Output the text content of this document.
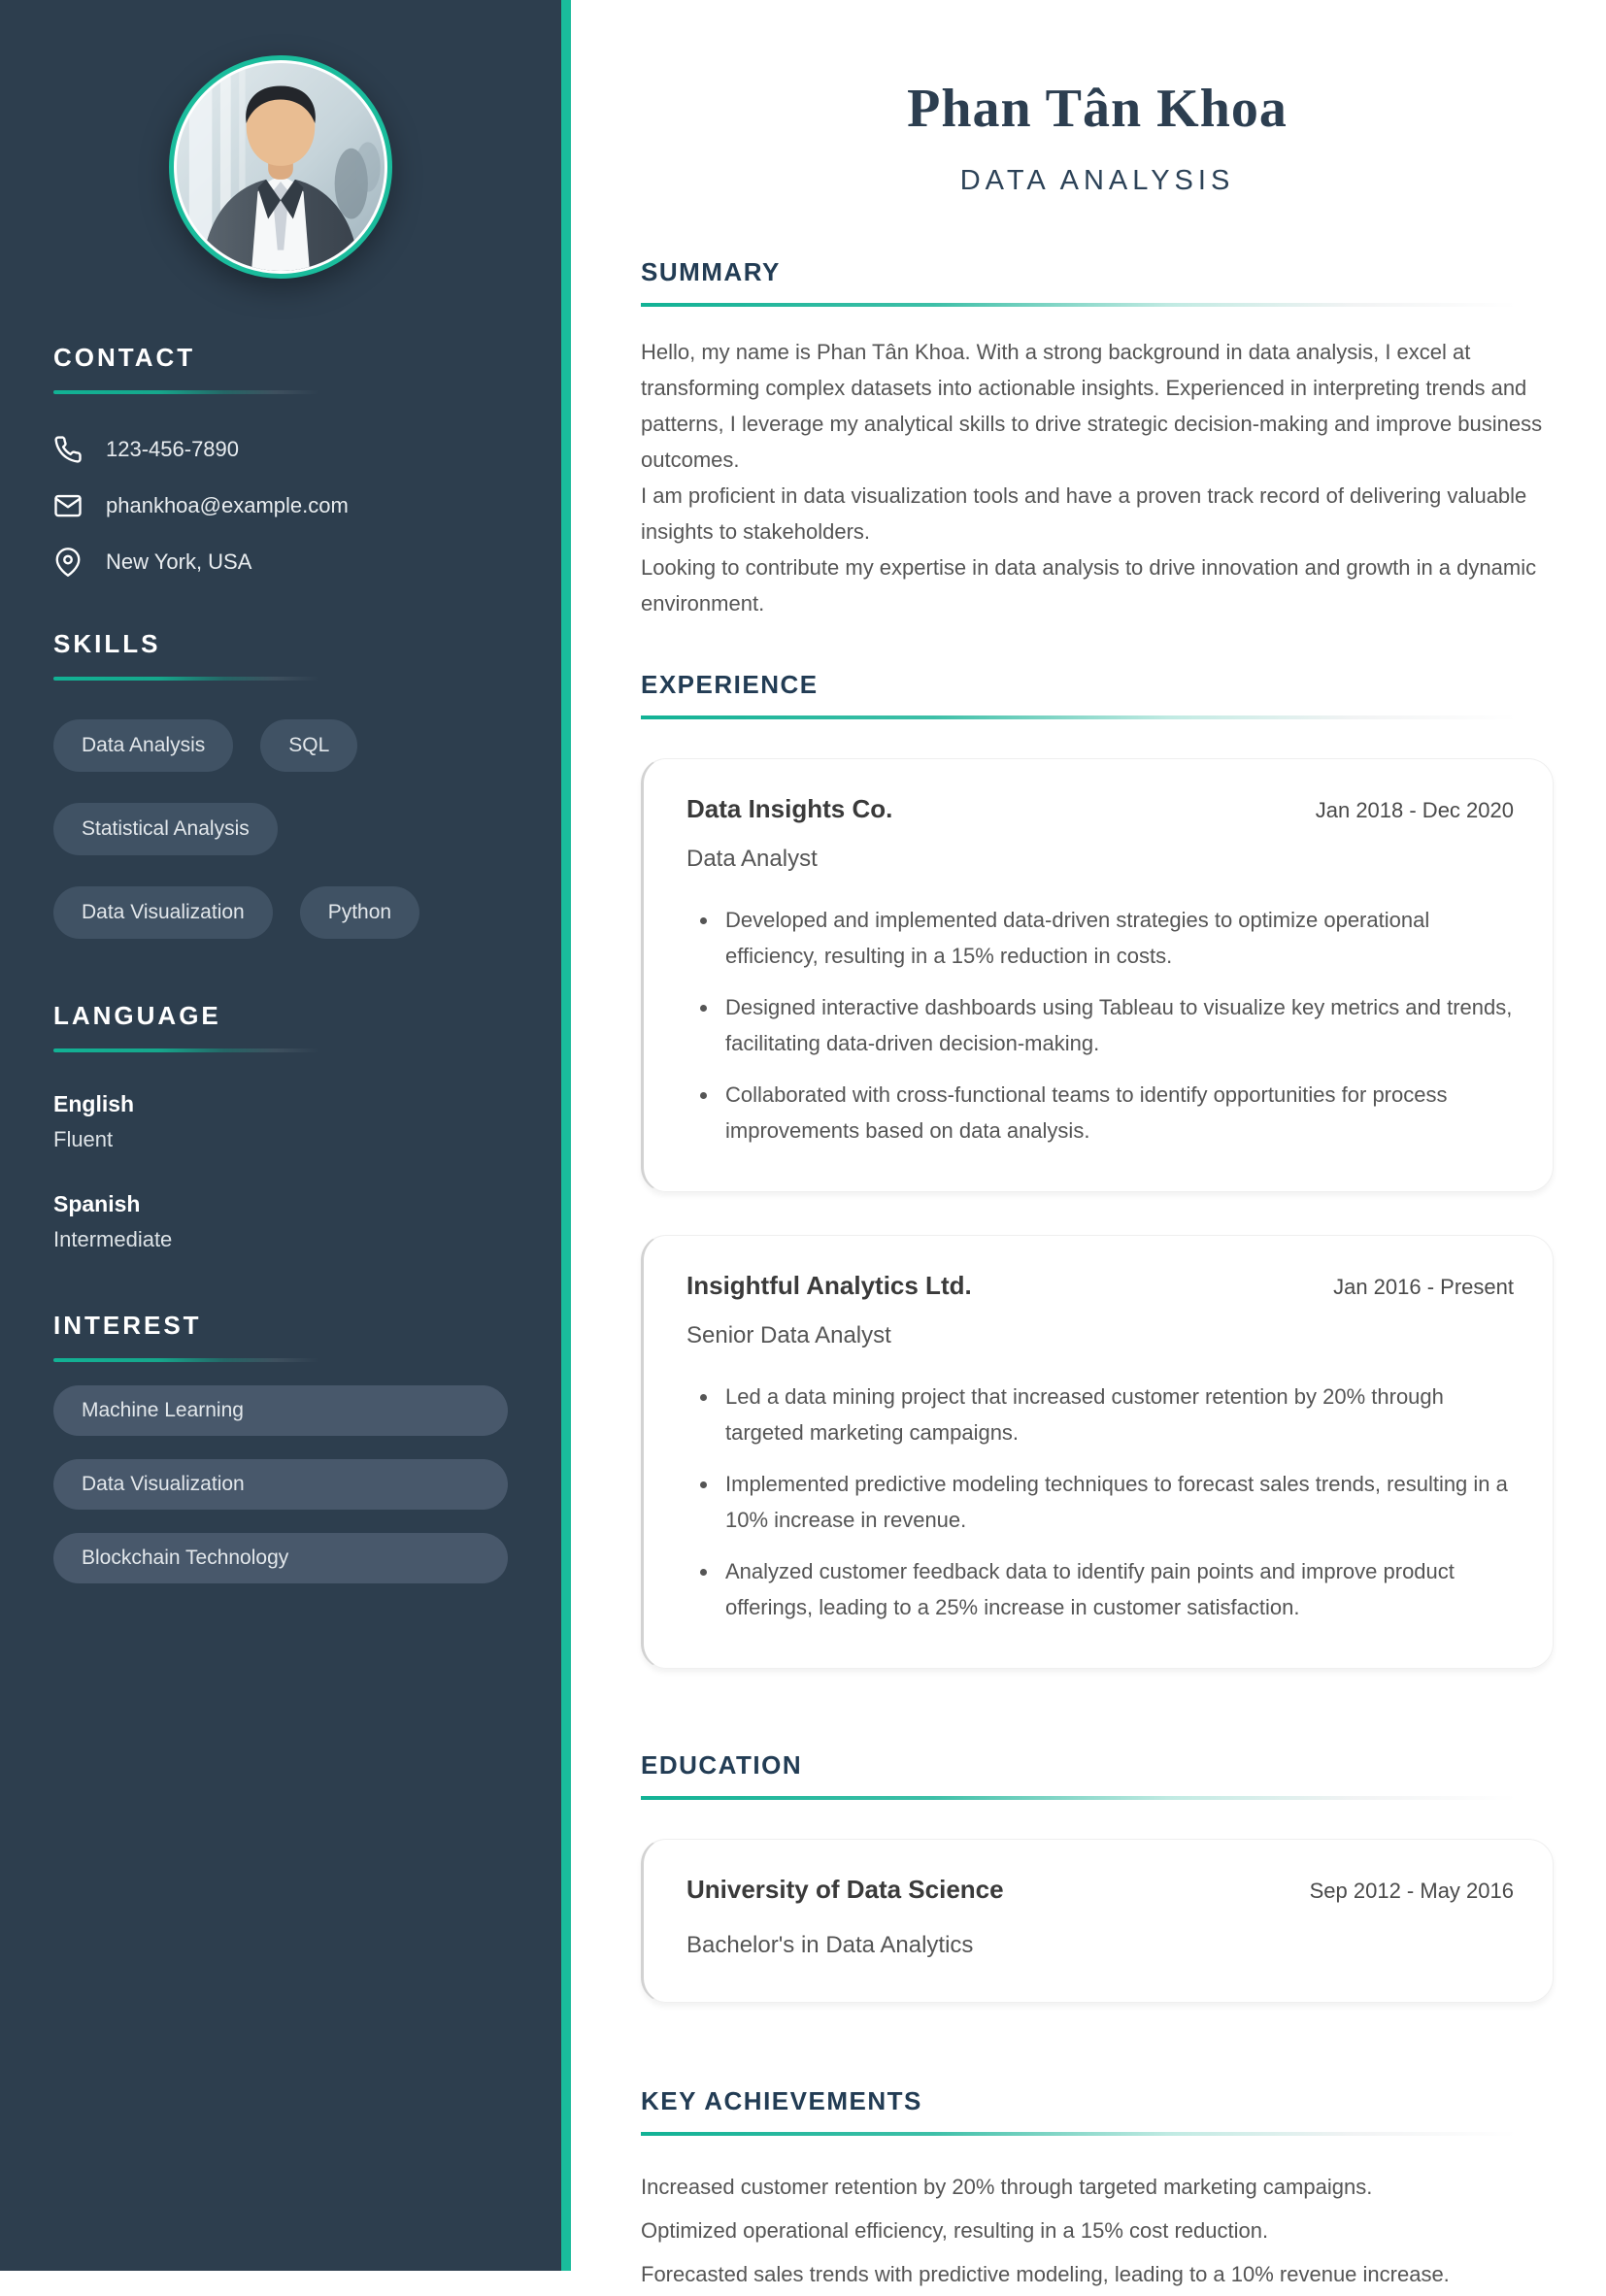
CONTACT
123-456-7890
phankhoa@example.com
New York, USA
SKILLS
Data Analysis	SQL
Statistical Analysis
Data Visualization	Python
LANGUAGE
English
Fluent
Spanish
Intermediate
INTEREST
Machine Learning
Data Visualization
Blockchain Technology
Phan Tân Khoa
DATA ANALYSIS
SUMMARY

Hello, my name is Phan Tân Khoa. With a strong background in data analysis, I excel at transforming complex datasets into actionable insights. Experienced in interpreting trends and patterns, I leverage my analytical skills to drive strategic decision-making and improve business outcomes.

I am proficient in data visualization tools and have a proven track record of delivering valuable insights to stakeholders.

Looking to contribute my expertise in data analysis to drive innovation and growth in a dynamic environment.

EXPERIENCE
Data Insights Co.	Jan 2018 - Dec 2020
Data Analyst
• Developed and implemented data-driven strategies to optimize operational efficiency, resulting in a 15% reduction in costs.
• Designed interactive dashboards using Tableau to visualize key metrics and trends, facilitating data-driven decision-making.
• Collaborated with cross-functional teams to identify opportunities for process improvements based on data analysis.
Insightful Analytics Ltd.	Jan 2016 - Present
Senior Data Analyst
• Led a data mining project that increased customer retention by 20% through targeted marketing campaigns.
• Implemented predictive modeling techniques to forecast sales trends, resulting in a 10% increase in revenue.
• Analyzed customer feedback data to identify pain points and improve product offerings, leading to a 25% increase in customer satisfaction.
EDUCATION
University of Data Science	Sep 2012 - May 2016
Bachelor's in Data Analytics
KEY ACHIEVEMENTS
Increased customer retention by 20% through targeted marketing campaigns.
Optimized operational efficiency, resulting in a 15% cost reduction.
Forecasted sales trends with predictive modeling, leading to a 10% revenue increase.
